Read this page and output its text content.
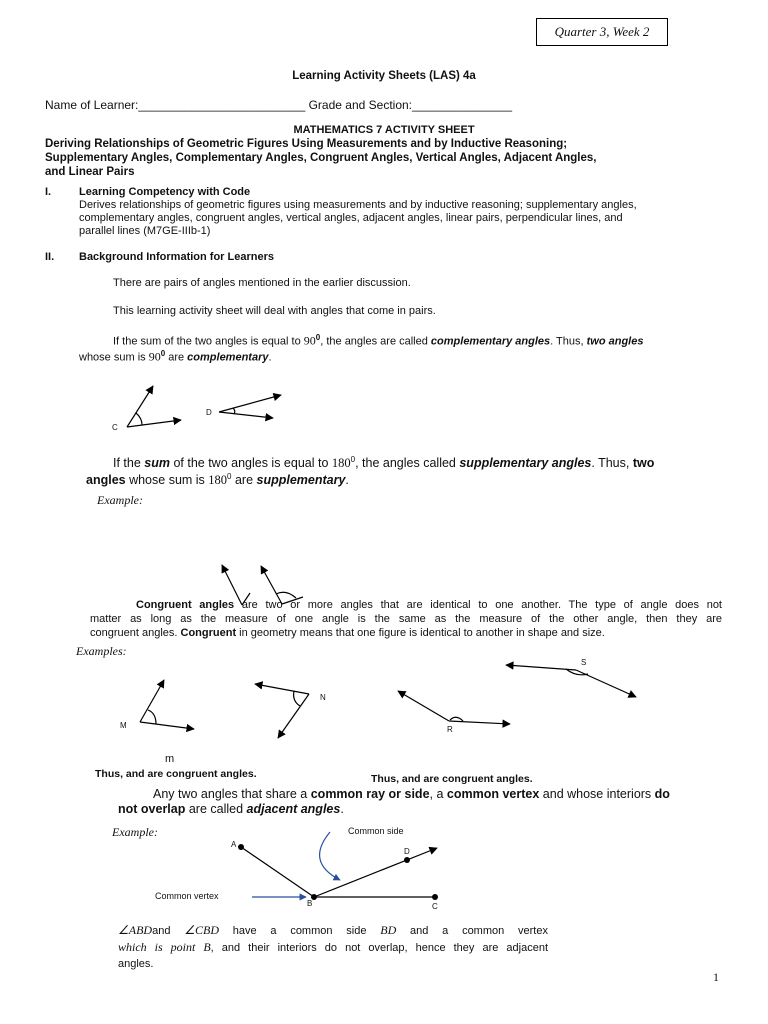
Quarter 3, Week 2
Learning Activity Sheets (LAS) 4a
Name of Learner:_________________________ Grade and Section:_______________
MATHEMATICS 7 ACTIVITY SHEET
Deriving Relationships of Geometric Figures Using Measurements and by Inductive Reasoning;
Supplementary Angles, Complementary Angles, Congruent Angles, Vertical Angles, Adjacent Angles,
and Linear Pairs
I.	Learning Competency with Code
Derives relationships of geometric figures using measurements and by inductive reasoning; supplementary angles,
complementary angles, congruent angles, vertical angles, adjacent angles, linear pairs, perpendicular lines, and
parallel lines (M7GE-IIIb-1)
II. Background Information for Learners
There are pairs of angles mentioned in the earlier discussion.
This learning activity sheet will deal with angles that come in pairs.
If the sum of the two angles is equal to $90^0$, the angles are called complementary angles. Thus, two angles
whose sum is $90^0$ are complementary.
If the sum of the two angles is equal to $180^0$, the angles called supplementary angles. Thus, two
angles whose sum is $180^0$ are supplementary.
Example:
Congruent angles are two or more angles that are identical to one another. The type of angle does not
matter as long as the measure of one angle is the same as the measure of the other angle, then they are
congruent angles. Congruent in geometry means that one figure is identical to another in shape and size.
Examples:
M
N
R
S
m
Thus, and are congruent angles.	Thus, and are congruent angles.
Any two angles that share a common ray or side, a common vertex and whose interiors do
not overlap are called adjacent angles.
Example:	Common side
Common vertex
A
B	C
D
C
D
∠ABDand ∠CBD have a common side BD and a common vertex
which is point B, and their interiors do not overlap, hence they are adjacent
angles.
1
